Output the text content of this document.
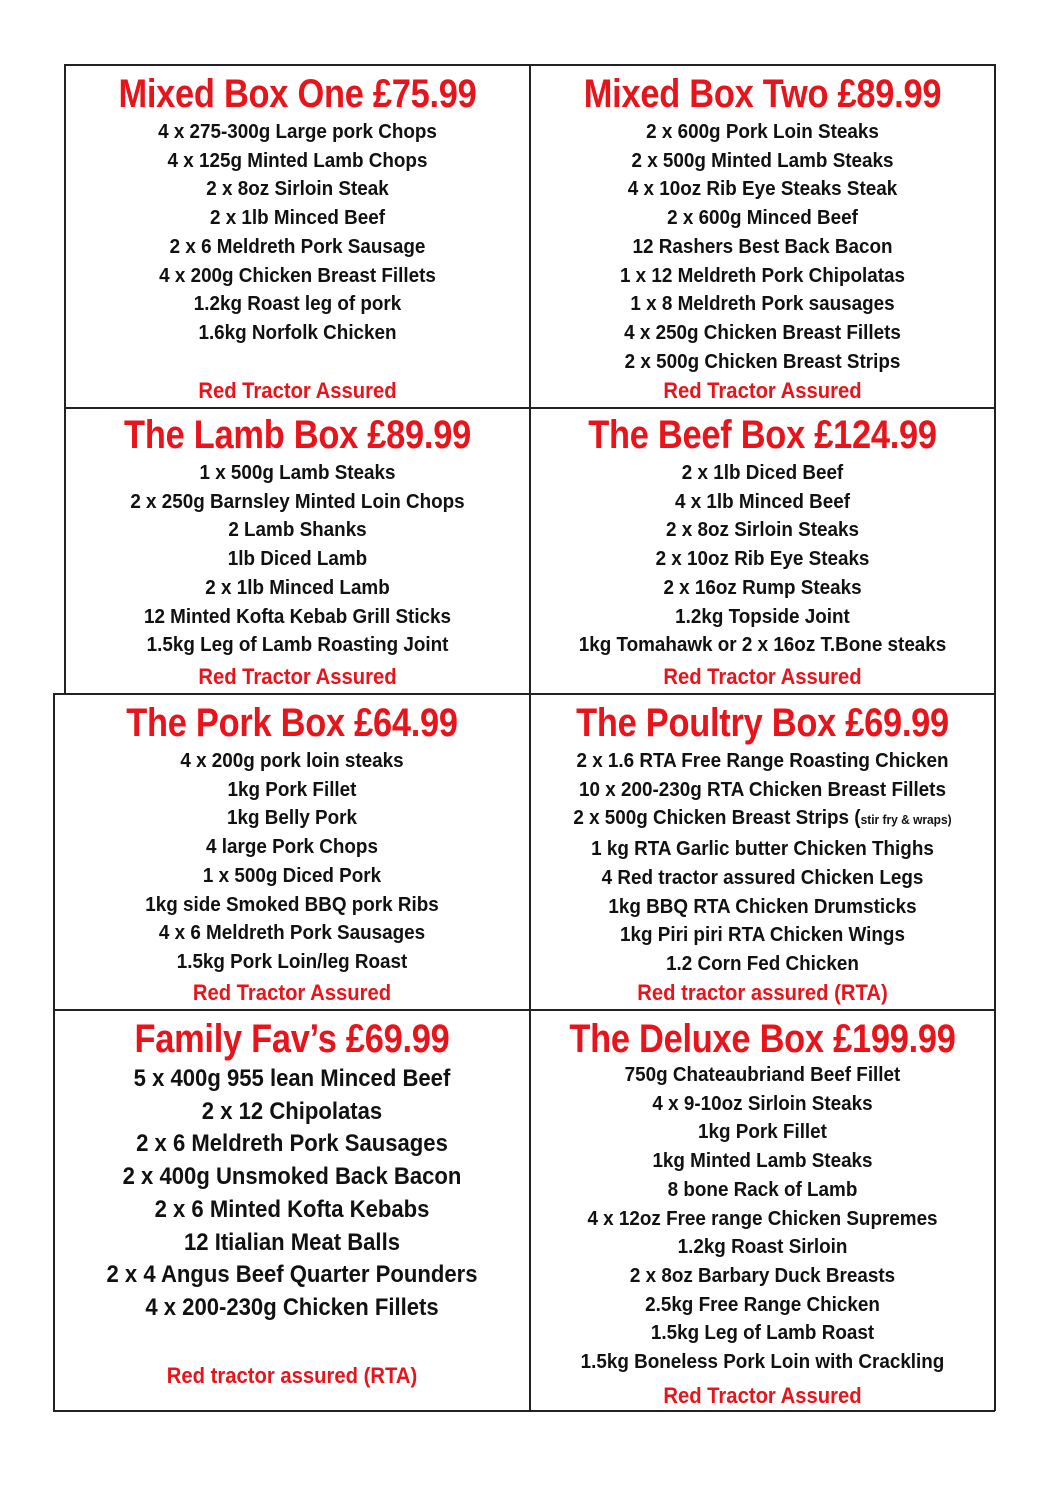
Mixed Box One £75.99
4 x 275-300g Large pork Chops
4 x 125g Minted Lamb Chops
2 x 8oz Sirloin Steak
2 x 1lb Minced Beef
2 x 6 Meldreth Pork Sausage
4 x 200g Chicken Breast Fillets
1.2kg Roast leg of pork
1.6kg Norfolk Chicken
Red Tractor Assured
Mixed Box Two £89.99
2 x 600g Pork Loin Steaks
2 x 500g Minted Lamb Steaks
4 x 10oz Rib Eye Steaks Steak
2 x 600g Minced Beef
12 Rashers Best Back Bacon
1 x 12 Meldreth Pork Chipolatas
1 x 8 Meldreth Pork sausages
4 x 250g Chicken Breast Fillets
2 x 500g Chicken Breast Strips
Red Tractor Assured
The Lamb Box £89.99
1 x 500g Lamb Steaks
2 x 250g Barnsley Minted Loin Chops
2 Lamb Shanks
1lb Diced Lamb
2 x 1lb Minced Lamb
12 Minted Kofta Kebab Grill Sticks
1.5kg Leg of Lamb Roasting Joint
Red Tractor Assured
The Beef Box £124.99
2 x 1lb Diced Beef
4 x 1lb Minced Beef
2 x 8oz Sirloin Steaks
2 x 10oz Rib Eye Steaks
2 x 16oz Rump Steaks
1.2kg Topside Joint
1kg Tomahawk or 2 x 16oz T.Bone steaks
Red Tractor Assured
The Pork Box £64.99
4 x 200g pork loin steaks
1kg Pork Fillet
1kg Belly Pork
4 large Pork Chops
1 x 500g Diced Pork
1kg side Smoked BBQ pork Ribs
4 x 6 Meldreth Pork Sausages
1.5kg Pork Loin/leg Roast
Red Tractor Assured
The Poultry Box £69.99
2 x 1.6 RTA Free Range Roasting Chicken
10 x 200-230g RTA Chicken Breast Fillets
2 x 500g Chicken Breast Strips (stir fry & wraps)
1 kg RTA Garlic butter Chicken Thighs
4 Red tractor assured Chicken Legs
1kg BBQ RTA Chicken Drumsticks
1kg Piri piri RTA Chicken Wings
1.2 Corn Fed Chicken
Red tractor assured (RTA)
Family Fav’s £69.99
5 x 400g 955 lean Minced Beef
2 x 12 Chipolatas
2 x 6 Meldreth Pork Sausages
2 x 400g Unsmoked Back Bacon
2 x 6 Minted Kofta Kebabs
12 Itialian Meat Balls
2 x 4 Angus Beef Quarter Pounders
4 x 200-230g Chicken Fillets
Red tractor assured (RTA)
The Deluxe Box £199.99
750g Chateaubriand Beef Fillet
4 x 9-10oz Sirloin Steaks
1kg Pork Fillet
1kg Minted Lamb Steaks
8 bone Rack of Lamb
4 x 12oz Free range Chicken Supremes
1.2kg Roast Sirloin
2 x 8oz Barbary Duck Breasts
2.5kg Free Range Chicken
1.5kg Leg of Lamb Roast
1.5kg Boneless Pork Loin with Crackling
Red Tractor Assured
